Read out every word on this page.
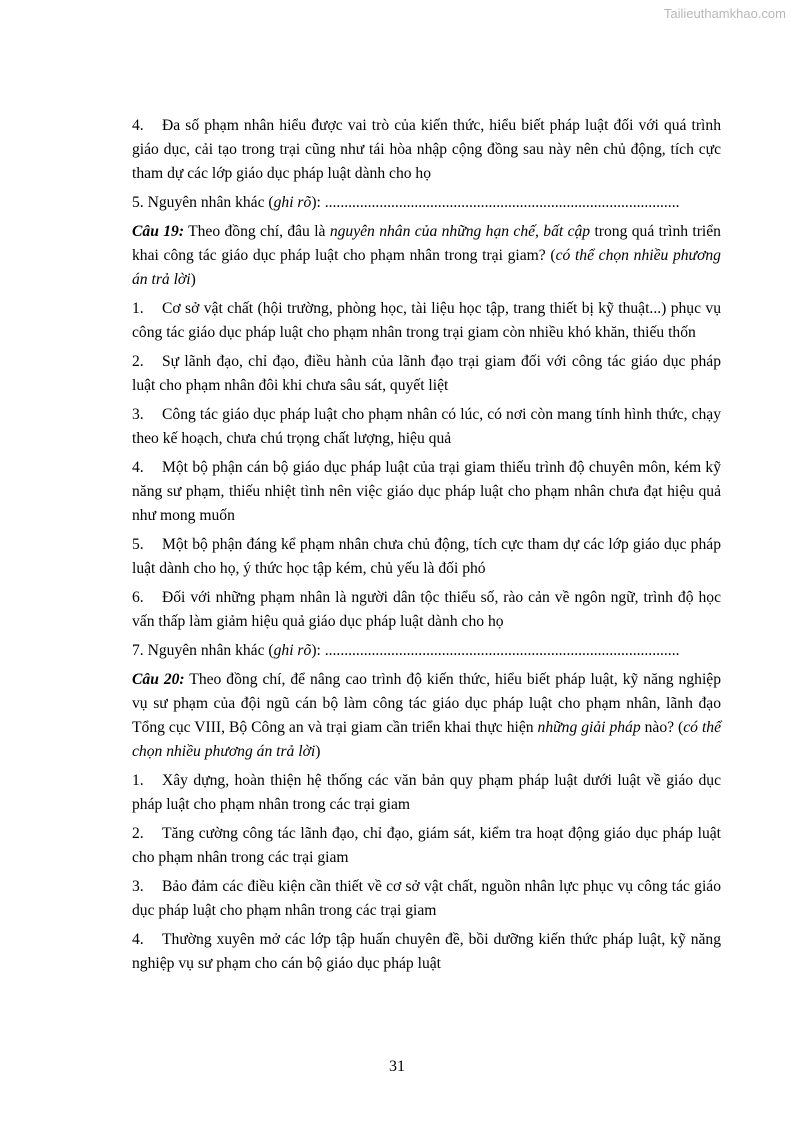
Tailieuthamkhao.com

4. Đa số phạm nhân hiểu được vai trò của kiến thức, hiểu biết pháp luật đối với quá trình giáo dục, cải tạo trong trại cũng như tái hòa nhập cộng đồng sau này nên chủ động, tích cực tham dự các lớp giáo dục pháp luật dành cho họ

5. Nguyên nhân khác (ghi rõ): ...........................................................................................

Câu 19: Theo đồng chí, đâu là nguyên nhân của những hạn chế, bất cập trong quá trình triển khai công tác giáo dục pháp luật cho phạm nhân trong trại giam? (có thể chọn nhiều phương án trả lời)

1. Cơ sở vật chất (hội trường, phòng học, tài liệu học tập, trang thiết bị kỹ thuật...) phục vụ công tác giáo dục pháp luật cho phạm nhân trong trại giam còn nhiều khó khăn, thiếu thốn

2. Sự lãnh đạo, chỉ đạo, điều hành của lãnh đạo trại giam đối với công tác giáo dục pháp luật cho phạm nhân đôi khi chưa sâu sát, quyết liệt

3. Công tác giáo dục pháp luật cho phạm nhân có lúc, có nơi còn mang tính hình thức, chạy theo kế hoạch, chưa chú trọng chất lượng, hiệu quả

4. Một bộ phận cán bộ giáo dục pháp luật của trại giam thiếu trình độ chuyên môn, kém kỹ năng sư phạm, thiếu nhiệt tình nên việc giáo dục pháp luật cho phạm nhân chưa đạt hiệu quả như mong muốn

5. Một bộ phận đáng kể phạm nhân chưa chủ động, tích cực tham dự các lớp giáo dục pháp luật dành cho họ, ý thức học tập kém, chủ yếu là đối phó

6. Đối với những phạm nhân là người dân tộc thiểu số, rào cản về ngôn ngữ, trình độ học vấn thấp làm giảm hiệu quả giáo dục pháp luật dành cho họ

7. Nguyên nhân khác (ghi rõ): ...........................................................................................

Câu 20: Theo đồng chí, để nâng cao trình độ kiến thức, hiểu biết pháp luật, kỹ năng nghiệp vụ sư phạm của đội ngũ cán bộ làm công tác giáo dục pháp luật cho phạm nhân, lãnh đạo Tổng cục VIII, Bộ Công an và trại giam cần triển khai thực hiện những giải pháp nào? (có thể chọn nhiều phương án trả lời)

1. Xây dựng, hoàn thiện hệ thống các văn bản quy phạm pháp luật dưới luật về giáo dục pháp luật cho phạm nhân trong các trại giam

2. Tăng cường công tác lãnh đạo, chỉ đạo, giám sát, kiểm tra hoạt động giáo dục pháp luật cho phạm nhân trong các trại giam

3. Bảo đảm các điều kiện cần thiết về cơ sở vật chất, nguồn nhân lực phục vụ công tác giáo dục pháp luật cho phạm nhân trong các trại giam

4. Thường xuyên mở các lớp tập huấn chuyên đề, bồi dưỡng kiến thức pháp luật, kỹ năng nghiệp vụ sư phạm cho cán bộ giáo dục pháp luật

31
